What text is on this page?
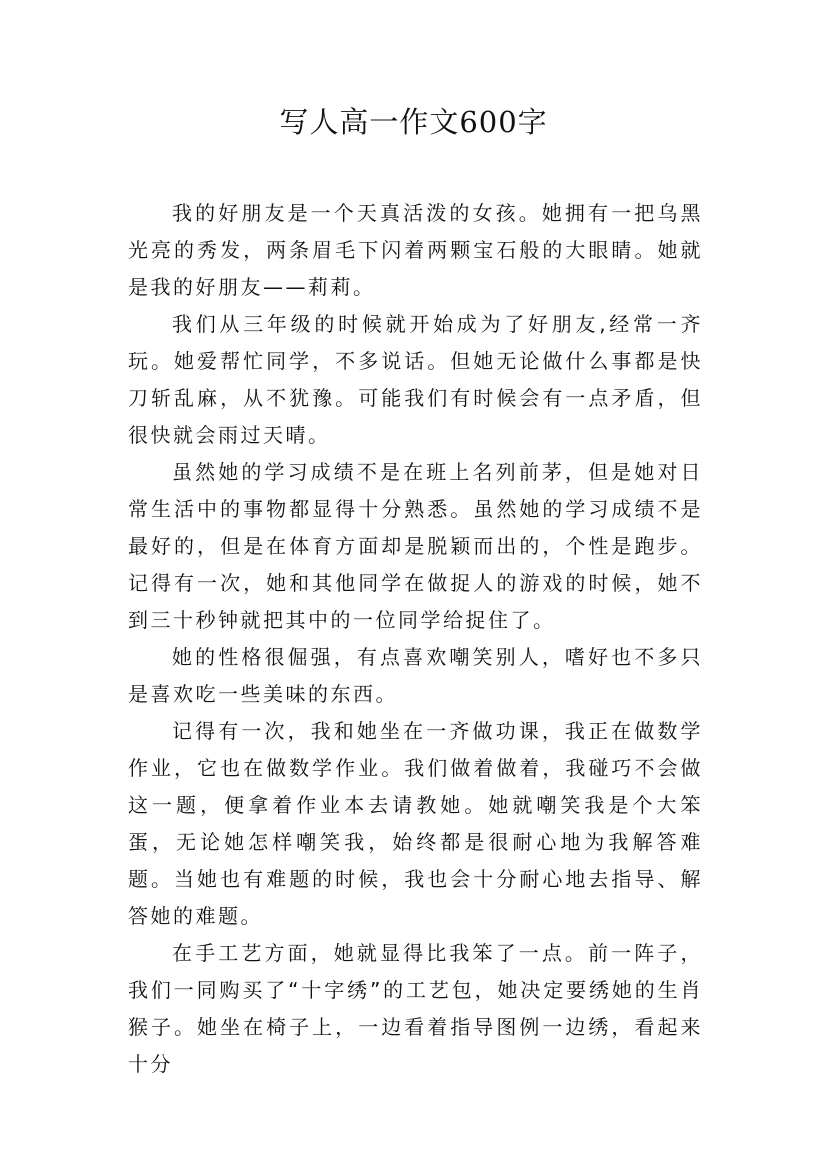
写人高一作文600字

我的好朋友是一个天真活泼的女孩。她拥有一把乌黑光亮的秀发，两条眉毛下闪着两颗宝石般的大眼睛。她就是我的好朋友——莉莉。

我们从三年级的时候就开始成为了好朋友,经常一齐玩。她爱帮忙同学，不多说话。但她无论做什么事都是快刀斩乱麻，从不犹豫。可能我们有时候会有一点矛盾，但很快就会雨过天晴。

虽然她的学习成绩不是在班上名列前茅，但是她对日常生活中的事物都显得十分熟悉。虽然她的学习成绩不是最好的，但是在体育方面却是脱颖而出的，个性是跑步。记得有一次，她和其他同学在做捉人的游戏的时候，她不到三十秒钟就把其中的一位同学给捉住了。

她的性格很倔强，有点喜欢嘲笑别人，嗜好也不多只是喜欢吃一些美味的东西。

记得有一次，我和她坐在一齐做功课，我正在做数学作业，它也在做数学作业。我们做着做着，我碰巧不会做这一题，便拿着作业本去请教她。她就嘲笑我是个大笨蛋，无论她怎样嘲笑我，始终都是很耐心地为我解答难题。当她也有难题的时候，我也会十分耐心地去指导、解答她的难题。

在手工艺方面，她就显得比我笨了一点。前一阵子，我们一同购买了“十字绣”的工艺包，她决定要绣她的生肖猴子。她坐在椅子上，一边看着指导图例一边绣，看起来十分
